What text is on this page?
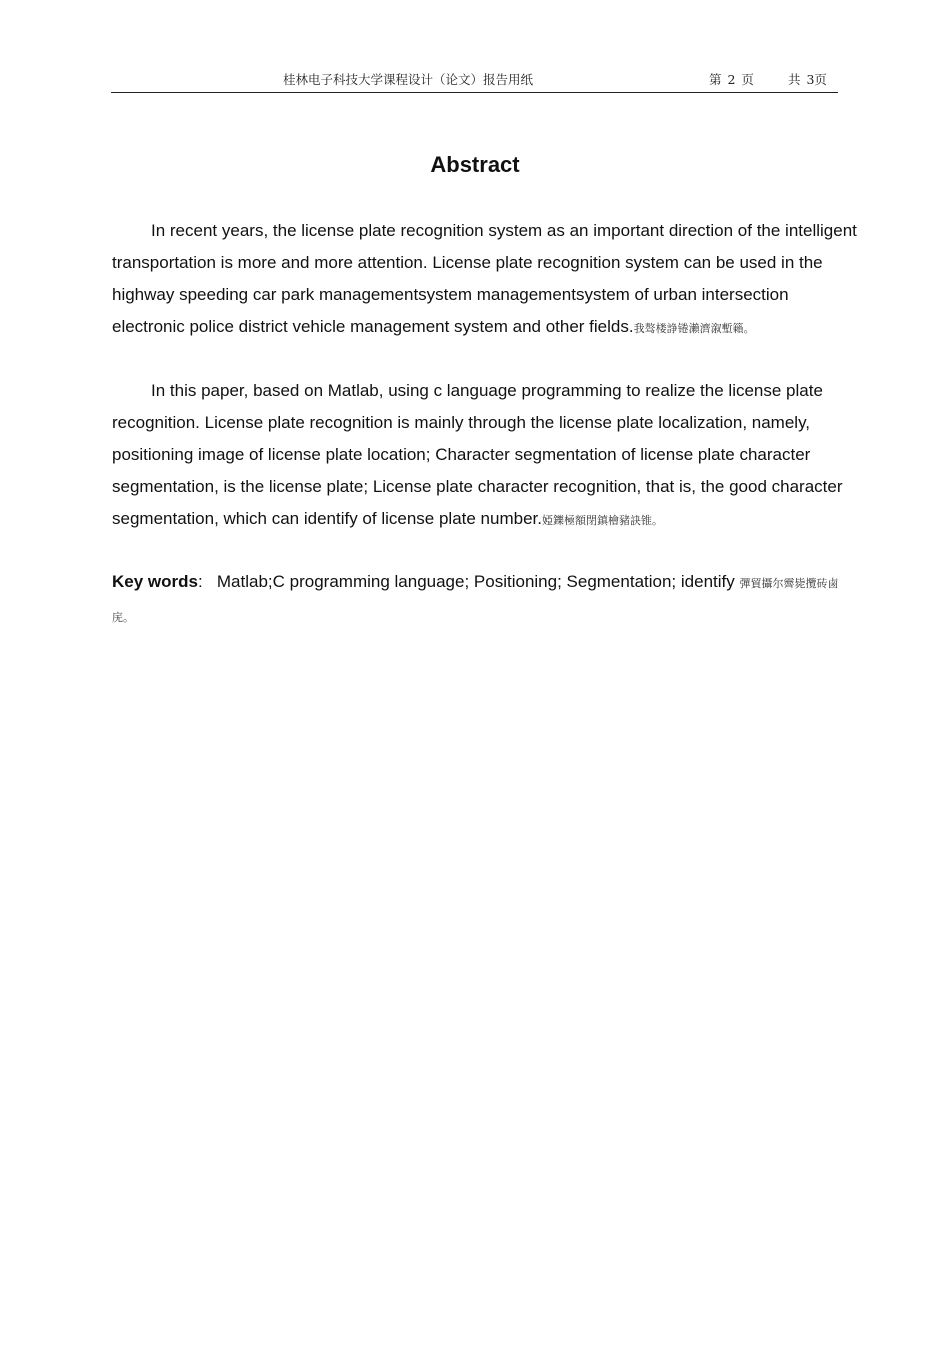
桂林电子科技大学课程设计（论文）报告用纸	第 2 页	共 3页
Abstract
In recent years, the license plate recognition system as an important direction of the intelligent transportation is more and more attention. License plate recognition system can be used in the highway speeding car park managementsystem managementsystem of urban intersection electronic police district vehicle management system and other fields.我骜楼諍锩瀨濟溆塹籟。
In this paper, based on Matlab, using c language programming to realize the license plate recognition. License plate recognition is mainly through the license plate localization, namely, positioning image of license plate location; Character segmentation of license plate character segmentation, is the license plate; License plate character recognition, that is, the good character segmentation, which can identify of license plate number.婭鑠極額閉鎮檜豬訣锥。
Key words: Matlab;C programming language; Positioning; Segmentation; identify 彈貿攝尔霽毙攬砖鹵庑。
